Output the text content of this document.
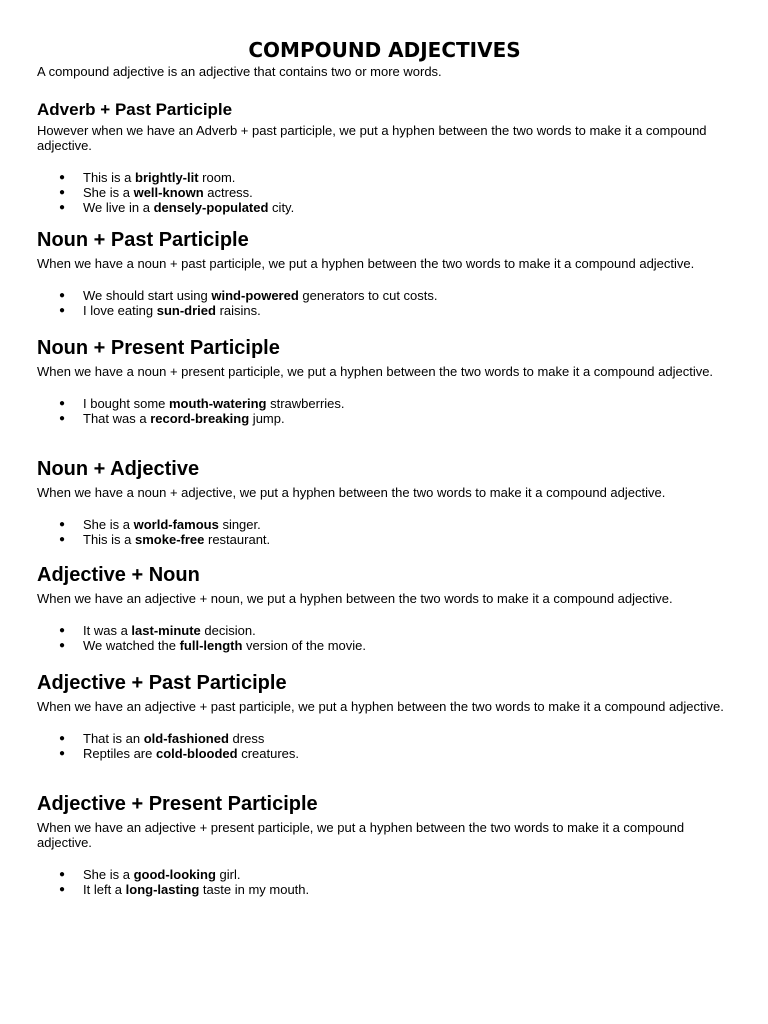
COMPOUND ADJECTIVES

A compound adjective is an adjective that contains two or more words.

Adverb + Past Participle

However when we have an Adverb + past participle, we put a hyphen between the two words to make it a compound adjective.

● This is a brightly-lit room.
● She is a well-known actress.
● We live in a densely-populated city.
Noun + Past Participle

When we have a noun + past participle, we put a hyphen between the two words to make it a compound adjective.

● We should start using wind-powered generators to cut costs.
● I love eating sun-dried raisins.
Noun + Present Participle

When we have a noun + present participle, we put a hyphen between the two words to make it a compound adjective.

● I bought some mouth-watering strawberries.
● That was a record-breaking jump.
Noun + Adjective

When we have a noun + adjective, we put a hyphen between the two words to make it a compound adjective.

● She is a world-famous singer.
● This is a smoke-free restaurant.
Adjective + Noun

When we have an adjective + noun, we put a hyphen between the two words to make it a compound adjective.

● It was a last-minute decision.
● We watched the full-length version of the movie.
Adjective + Past Participle

When we have an adjective + past participle, we put a hyphen between the two words to make it a compound adjective.

● That is an old-fashioned dress
● Reptiles are cold-blooded creatures.
Adjective + Present Participle

When we have an adjective + present participle, we put a hyphen between the two words to make it a compound adjective.

● She is a good-looking girl.
● It left a long-lasting taste in my mouth.
